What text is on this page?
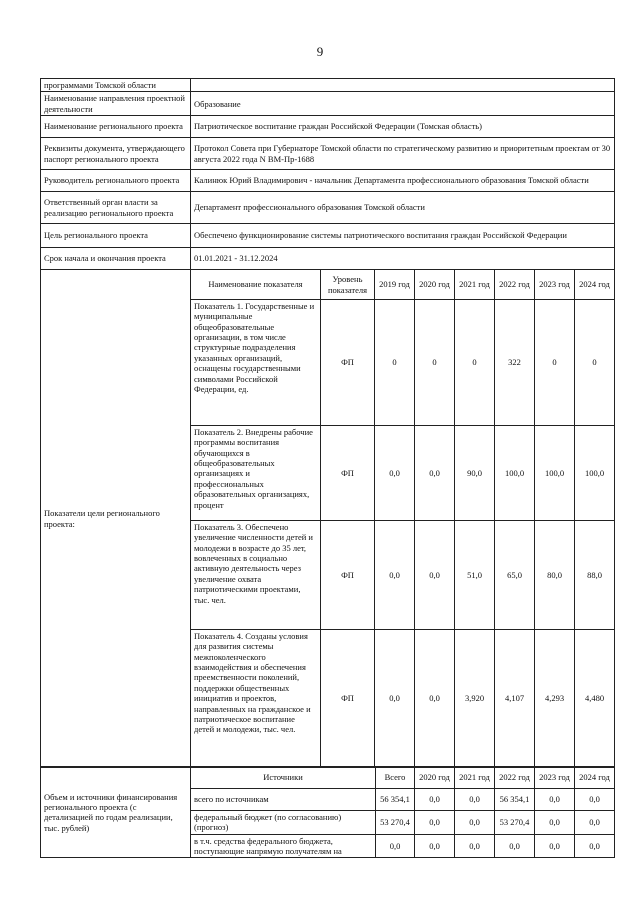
9
программами Томской области	
Наименование направления проектной деятельности	Образование
Наименование регионального проекта	Патриотическое воспитание граждан Российской Федерации (Томская область)
Реквизиты документа, утверждающего паспорт регионального проекта	Протокол Совета при Губернаторе Томской области по стратегическому развитию и приоритетным проектам от 30 августа 2022 года N ВМ-Пр-1688
Руководитель регионального проекта	Калинюк Юрий Владимирович - начальник Департамента профессионального образования Томской области
Ответственный орган власти за реализацию регионального проекта	Департамент профессионального образования Томской области
Цель регионального проекта	Обеспечено функционирование системы патриотического воспитания граждан Российской Федерации
Срок начала и окончания проекта	01.01.2021 - 31.12.2024
Показатели цели регионального проекта:	Наименование показателя	Уровень показателя	2019 год	2020 год	2021 год	2022 год	2023 год	2024 год
	Показатель 1. Государственные и муниципальные общеобразовательные организации, в том числе структурные подразделения указанных организаций, оснащены государственными символами Российской Федерации, ед.	ФП	0	0	0	322	0	0
	Показатель 2. Внедрены рабочие программы воспитания обучающихся в общеобразовательных организациях и профессиональных образовательных организациях, процент	ФП	0,0	0,0	90,0	100,0	100,0	100,0
	Показатель 3. Обеспечено увеличение численности детей и молодежи в возрасте до 35 лет, вовлеченных в социально активную деятельность через увеличение охвата патриотическими проектами, тыс. чел.	ФП	0,0	0,0	51,0	65,0	80,0	88,0
	Показатель 4. Созданы условия для развития системы межпоколенческого взаимодействия и обеспечения преемственности поколений, поддержки общественных инициатив и проектов, направленных на гражданское и патриотическое воспитание детей и молодежи, тыс. чел.	ФП	0,0	0,0	3,920	4,107	4,293	4,480
Объем и источники финансирования регионального проекта (с детализацией по годам реализации, тыс. рублей)	Источники	Всего	2020 год	2021 год	2022 год	2023 год	2024 год
	всего по источникам	56 354,1	0,0	0,0	56 354,1	0,0	0,0
	федеральный бюджет (по согласованию) (прогноз)	53 270,4	0,0	0,0	53 270,4	0,0	0,0
	в т.ч. средства федерального бюджета, поступающие напрямую получателям на	0,0	0,0	0,0	0,0	0,0	0,0
